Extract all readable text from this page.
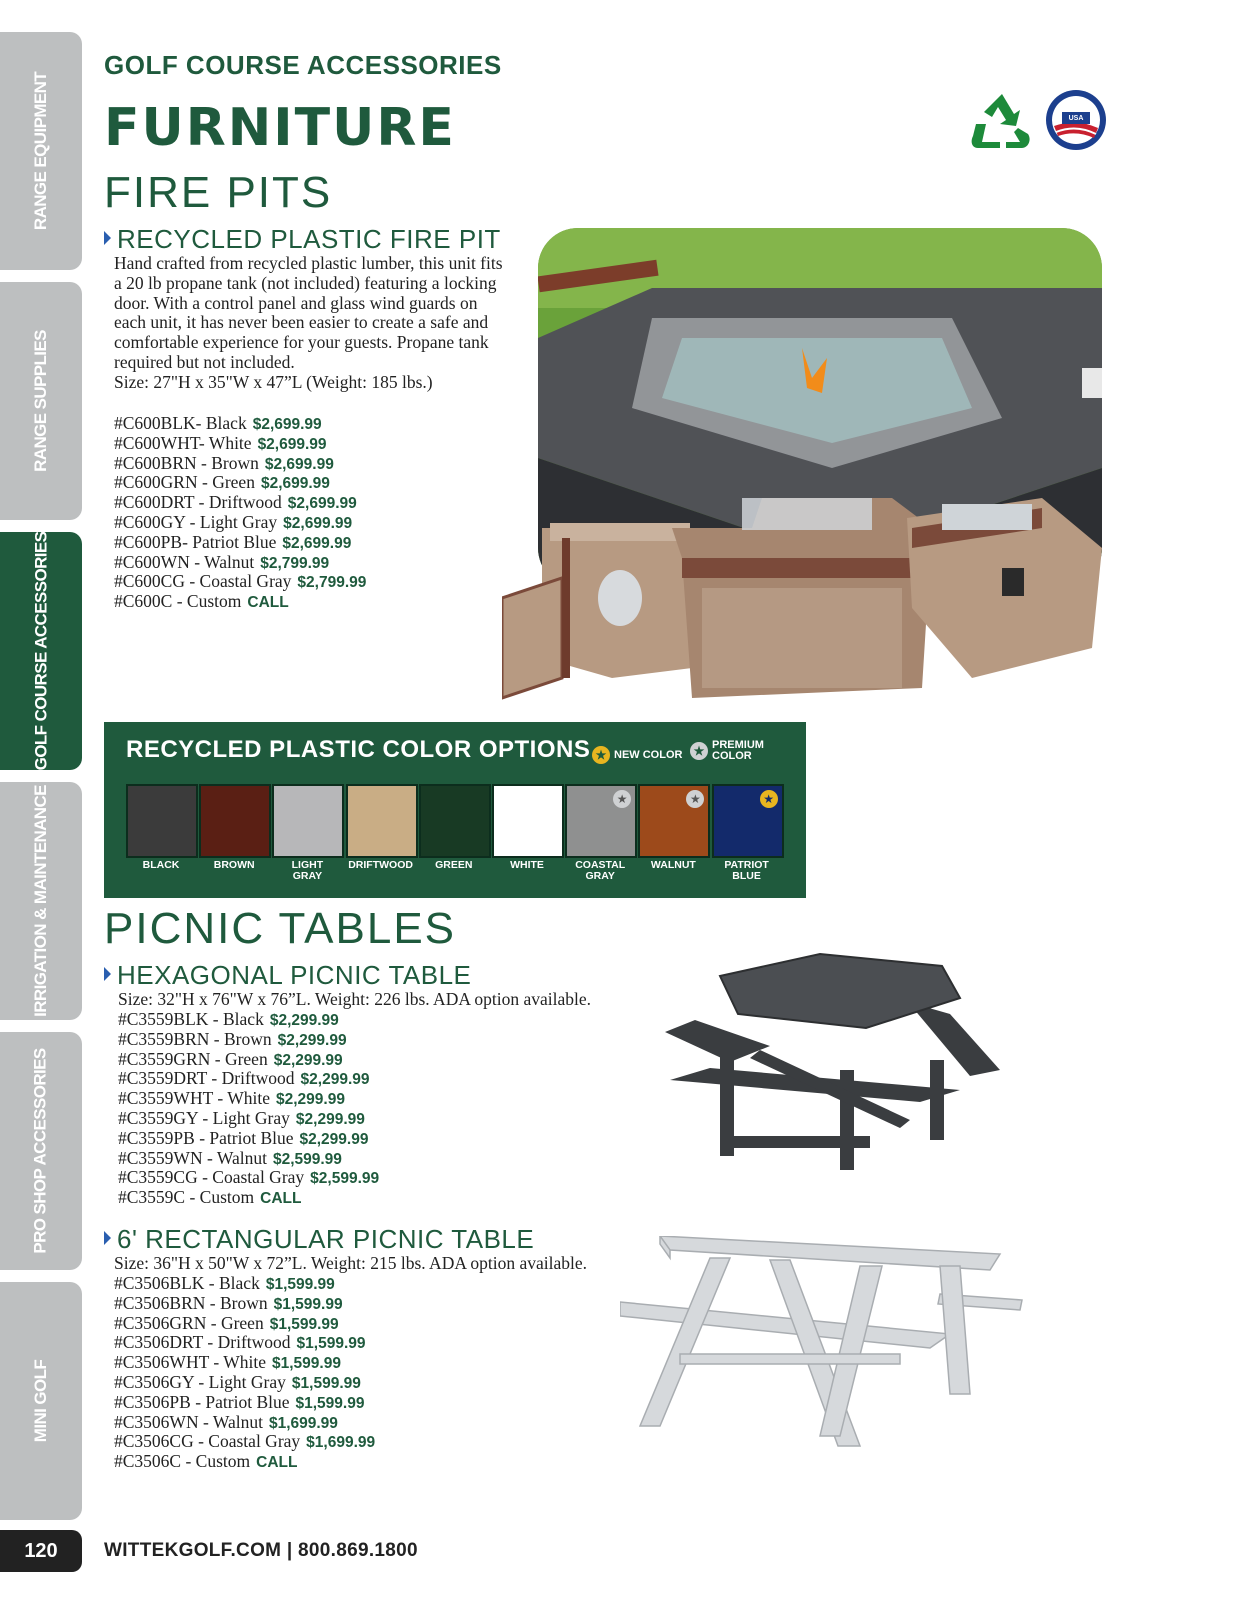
RANGE EQUIPMENT
RANGE SUPPLIES
GOLF COURSE ACCESSORIES
IRRIGATION & MAINTENANCE
PRO SHOP ACCESSORIES
MINI GOLF
GOLF COURSE ACCESSORIES
FURNITURE	MADE IN USA
FIRE PITS
RECYCLED PLASTIC FIRE PIT
Hand crafted from recycled plastic lumber, this unit fits a 20 lb propane tank (not included) featuring a locking door. With a control panel and glass wind guards on each unit, it has never been easier to create a safe and comfortable experience for your guests. Propane tank required but not included.
Size: 27"H x 35"W x 47”L (Weight: 185 lbs.)
#C600BLK- Black $2,699.99
#C600WHT- White $2,699.99
#C600BRN - Brown $2,699.99
#C600GRN - Green $2,699.99
#C600DRT - Driftwood $2,699.99
#C600GY - Light Gray $2,699.99
#C600PB- Patriot Blue $2,699.99
#C600WN - Walnut $2,799.99
#C600CG - Coastal Gray $2,799.99
#C600C - Custom CALL
RECYCLED PLASTIC COLOR OPTIONS ★ NEW COLOR ★ PREMIUM
COLOR
BLACK	BROWN	LIGHT
GRAY
DRIFTWOOD	GREEN	WHITE
★
COASTAL
GRAY
★
WALNUT
★
PATRIOT
BLUE
PICNIC TABLES
HEXAGONAL PICNIC TABLE
Size: 32"H x 76"W x 76”L. Weight: 226 lbs. ADA option available.
#C3559BLK - Black $2,299.99
#C3559BRN - Brown $2,299.99
#C3559GRN - Green $2,299.99
#C3559DRT - Driftwood $2,299.99
#C3559WHT - White $2,299.99
#C3559GY - Light Gray $2,299.99
#C3559PB - Patriot Blue $2,299.99
#C3559WN - Walnut $2,599.99
#C3559CG - Coastal Gray $2,599.99
#C3559C - Custom CALL
6' RECTANGULAR PICNIC TABLE
Size: 36"H x 50"W x 72”L. Weight: 215 lbs. ADA option available.
#C3506BLK - Black $1,599.99
#C3506BRN - Brown $1,599.99
#C3506GRN - Green $1,599.99
#C3506DRT - Driftwood $1,599.99
#C3506WHT - White $1,599.99
#C3506GY - Light Gray $1,599.99
#C3506PB - Patriot Blue $1,599.99
#C3506WN - Walnut $1,699.99
#C3506CG - Coastal Gray $1,699.99
#C3506C - Custom CALL
120	WITTEKGOLF.COM | 800.869.1800
